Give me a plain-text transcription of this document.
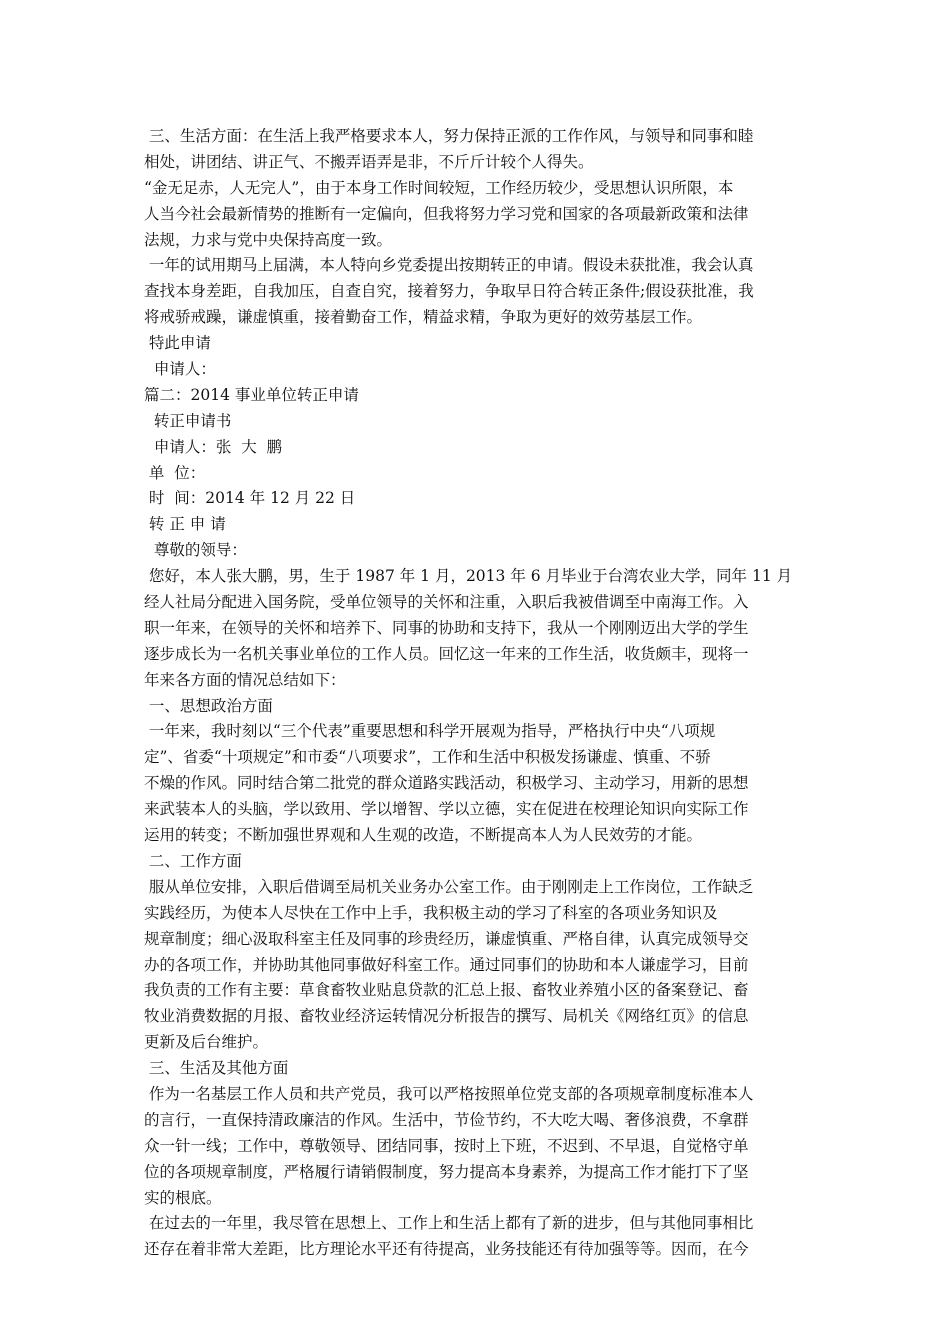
三、生活方面：在生活上我严格要求本人，努力保持正派的工作作风，与领导和同事和睦
相处，讲团结、讲正气、不搬弄语弄是非，不斤斤计较个人得失。
“金无足赤，人无完人”，由于本身工作时间较短，工作经历较少，受思想认识所限，本
人当今社会最新情势的推断有一定偏向，但我将努力学习党和国家的各项最新政策和法律
法规，力求与党中央保持高度一致。
一年的试用期马上届满，本人特向乡党委提出按期转正的申请。假设未获批准，我会认真
查找本身差距，自我加压，自查自究，接着努力，争取早日符合转正条件;假设获批准，我
将戒骄戒躁，谦虚慎重，接着勤奋工作，精益求精，争取为更好的效劳基层工作。
特此申请
申请人：
篇二：2014 事业单位转正申请
转正申请书
申请人：张  大  鹏
单  位：
时  间：2014 年 12 月 22 日
转 正 申 请
尊敬的领导：
您好，本人张大鹏，男，生于 1987 年 1 月，2013 年 6 月毕业于台湾农业大学，同年 11 月
经人社局分配进入国务院，受单位领导的关怀和注重，入职后我被借调至中南海工作。入
职一年来，在领导的关怀和培养下、同事的协助和支持下，我从一个刚刚迈出大学的学生
逐步成长为一名机关事业单位的工作人员。回忆这一年来的工作生活，收货颇丰，现将一
年来各方面的情况总结如下：
一、思想政治方面
一年来，我时刻以“三个代表”重要思想和科学开展观为指导，严格执行中央“八项规
定”、省委“十项规定”和市委“八项要求”，工作和生活中积极发扬谦虚、慎重、不骄
不燥的作风。同时结合第二批党的群众道路实践活动，积极学习、主动学习，用新的思想
来武装本人的头脑，学以致用、学以增智、学以立德，实在促进在校理论知识向实际工作
运用的转变；不断加强世界观和人生观的改造，不断提高本人为人民效劳的才能。
二、工作方面
服从单位安排，入职后借调至局机关业务办公室工作。由于刚刚走上工作岗位，工作缺乏
实践经历，为使本人尽快在工作中上手，我积极主动的学习了科室的各项业务知识及
规章制度；细心汲取科室主任及同事的珍贵经历，谦虚慎重、严格自律，认真完成领导交
办的各项工作，并协助其他同事做好科室工作。通过同事们的协助和本人谦虚学习，目前
我负责的工作有主要：草食畜牧业贴息贷款的汇总上报、畜牧业养殖小区的备案登记、畜
牧业消费数据的月报、畜牧业经济运转情况分析报告的撰写、局机关《网络红页》的信息
更新及后台维护。
三、生活及其他方面
作为一名基层工作人员和共产党员，我可以严格按照单位党支部的各项规章制度标准本人
的言行，一直保持清政廉洁的作风。生活中，节俭节约，不大吃大喝、奢侈浪费，不拿群
众一针一线；工作中，尊敬领导、团结同事，按时上下班，不迟到、不早退，自觉格守单
位的各项规章制度，严格履行请销假制度，努力提高本身素养，为提高工作才能打下了坚
实的根底。
在过去的一年里，我尽管在思想上、工作上和生活上都有了新的进步，但与其他同事相比
还存在着非常大差距，比方理论水平还有待提高，业务技能还有待加强等等。因而，在今
